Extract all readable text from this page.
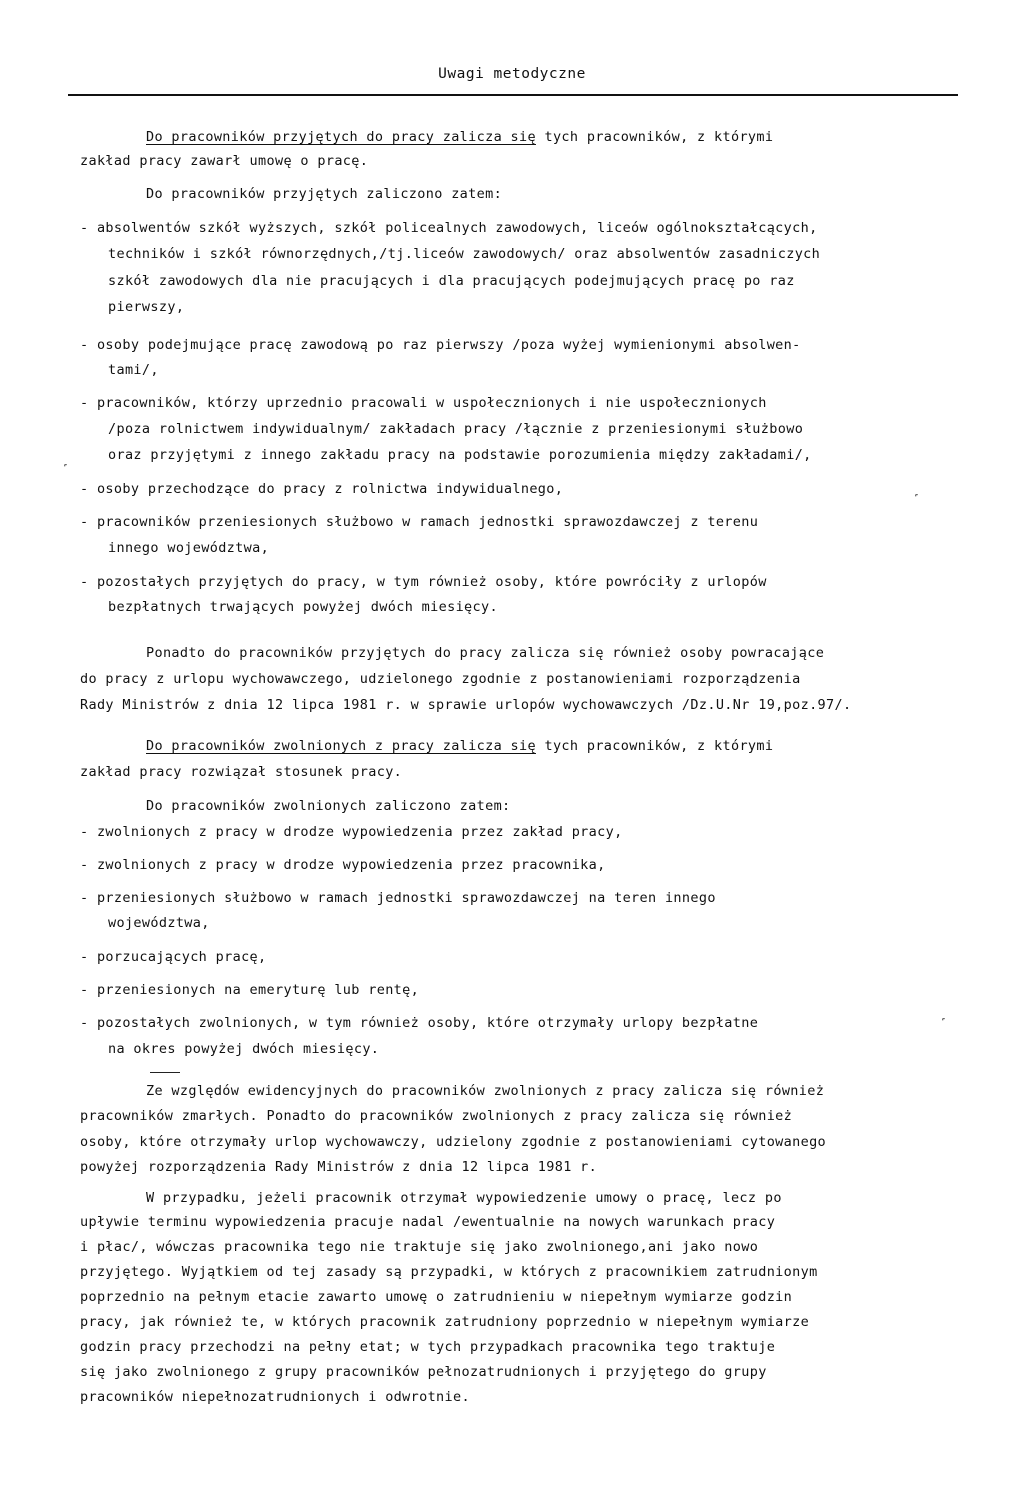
Uwagi metodyczne
Do pracowników przyjętych do pracy zalicza się tych pracowników, z którymi
zakład pracy zawarł umowę o pracę.
Do pracowników przyjętych zaliczono zatem:
- absolwentów szkół wyższych, szkół policealnych zawodowych, liceów ogólnokształcących,
techników i szkół równorzędnych,/tj.liceów zawodowych/ oraz absolwentów zasadniczych
szkół zawodowych dla nie pracujących i dla pracujących podejmujących pracę po raz
pierwszy,
- osoby podejmujące pracę zawodową po raz pierwszy /poza wyżej wymienionymi absolwen-
tami/,
- pracowników, którzy uprzednio pracowali w uspołecznionych i nie uspołecznionych
/poza rolnictwem indywidualnym/ zakładach pracy /łącznie z przeniesionymi służbowo
oraz przyjętymi z innego zakładu pracy na podstawie porozumienia między zakładami/,
- osoby przechodzące do pracy z rolnictwa indywidualnego,
- pracowników przeniesionych służbowo w ramach jednostki sprawozdawczej z terenu
innego województwa,
- pozostałych przyjętych do pracy, w tym również osoby, które powróciły z urlopów
bezpłatnych trwających powyżej dwóch miesięcy.
Ponadto do pracowników przyjętych do pracy zalicza się również osoby powracające
do pracy z urlopu wychowawczego, udzielonego zgodnie z postanowieniami rozporządzenia
Rady Ministrów z dnia 12 lipca 1981 r. w sprawie urlopów wychowawczych /Dz.U.Nr 19,poz.97/.
Do pracowników zwolnionych z pracy zalicza się tych pracowników, z którymi
zakład pracy rozwiązał stosunek pracy.
Do pracowników zwolnionych zaliczono zatem:
- zwolnionych z pracy w drodze wypowiedzenia przez zakład pracy,
- zwolnionych z pracy w drodze wypowiedzenia przez pracownika,
- przeniesionych służbowo w ramach jednostki sprawozdawczej na teren innego
województwa,
- porzucających pracę,
- przeniesionych na emeryturę lub rentę,
- pozostałych zwolnionych, w tym również osoby, które otrzymały urlopy bezpłatne
na okres powyżej dwóch miesięcy.
Ze względów ewidencyjnych do pracowników zwolnionych z pracy zalicza się również
pracowników zmarłych. Ponadto do pracowników zwolnionych z pracy zalicza się również
osoby, które otrzymały urlop wychowawczy, udzielony zgodnie z postanowieniami cytowanego
powyżej rozporządzenia Rady Ministrów z dnia 12 lipca 1981 r.
W przypadku, jeżeli pracownik otrzymał wypowiedzenie umowy o pracę, lecz po
upływie terminu wypowiedzenia pracuje nadal /ewentualnie na nowych warunkach pracy
i płac/, wówczas pracownika tego nie traktuje się jako zwolnionego,ani jako nowo
przyjętego. Wyjątkiem od tej zasady są przypadki, w których z pracownikiem zatrudnionym
poprzednio na pełnym etacie zawarto umowę o zatrudnieniu w niepełnym wymiarze godzin
pracy, jak również te, w których pracownik zatrudniony poprzednio w niepełnym wymiarze
godzin pracy przechodzi na pełny etat; w tych przypadkach pracownika tego traktuje
się jako zwolnionego z grupy pracowników pełnozatrudnionych i przyjętego do grupy
pracowników niepełnozatrudnionych i odwrotnie.
˹
˹
˹
